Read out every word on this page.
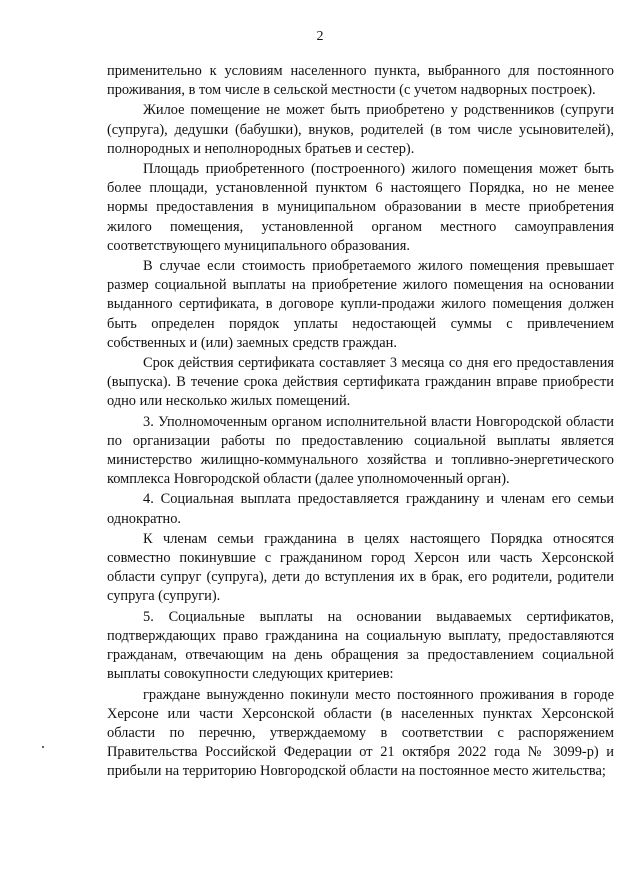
2

применительно к условиям населенного пункта, выбранного для постоянного проживания, в том числе в сельской местности (с учетом надворных построек).

Жилое помещение не может быть приобретено у родственников (супруги (супруга), дедушки (бабушки), внуков, родителей (в том числе усыновителей), полнородных и неполнородных братьев и сестер).

Площадь приобретенного (построенного) жилого помещения может быть более площади, установленной пунктом 6 настоящего Порядка, но не менее нормы предоставления в муниципальном образовании в месте приобретения жилого помещения, установленной органом местного самоуправления соответствующего муниципального образования.

В случае если стоимость приобретаемого жилого помещения превышает размер социальной выплаты на приобретение жилого помещения на основании выданного сертификата, в договоре купли-продажи жилого помещения должен быть определен порядок уплаты недостающей суммы с привлечением собственных и (или) заемных средств граждан.

Срок действия сертификата составляет 3 месяца со дня его предоставления (выпуска). В течение срока действия сертификата гражданин вправе приобрести одно или несколько жилых помещений.

3. Уполномоченным органом исполнительной власти Новгородской области по организации работы по предоставлению социальной выплаты является министерство жилищно-коммунального хозяйства и топливно-энергетического комплекса Новгородской области (далее уполномоченный орган).

4. Социальная выплата предоставляется гражданину и членам его семьи однократно.

К членам семьи гражданина в целях настоящего Порядка относятся совместно покинувшие с гражданином город Херсон или часть Херсонской области супруг (супруга), дети до вступления их в брак, его родители, родители супруга (супруги).

5. Социальные выплаты на основании выдаваемых сертификатов, подтверждающих право гражданина на социальную выплату, предоставляются гражданам, отвечающим на день обращения за предоставлением социальной выплаты совокупности следующих критериев:

граждане вынужденно покинули место постоянного проживания в городе Херсоне или части Херсонской области (в населенных пунктах Херсонской области по перечню, утверждаемому в соответствии с распоряжением Правительства Российской Федерации от 21 октября 2022 года № 3099-р) и прибыли на территорию Новгородской области на постоянное место жительства;
